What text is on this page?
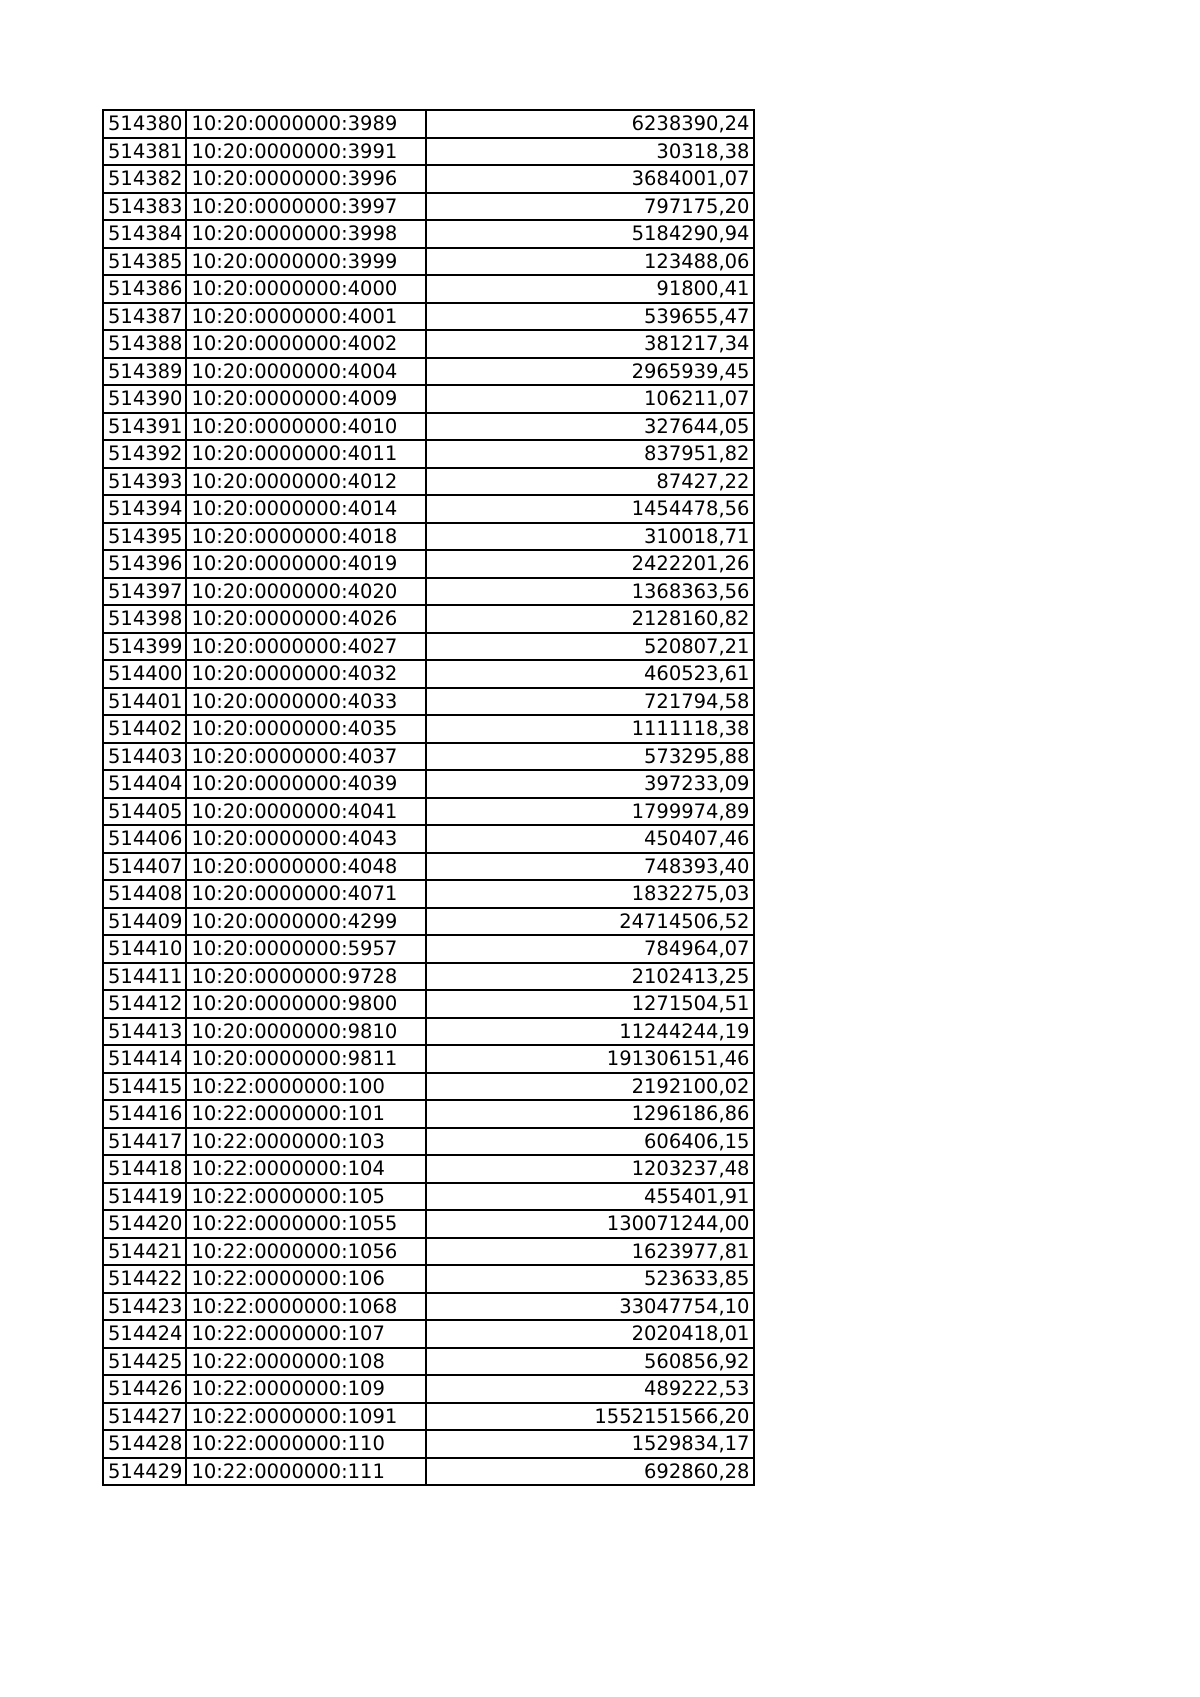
514380	10:20:0000000:3989	6238390,24
514381	10:20:0000000:3991	30318,38
514382	10:20:0000000:3996	3684001,07
514383	10:20:0000000:3997	797175,20
514384	10:20:0000000:3998	5184290,94
514385	10:20:0000000:3999	123488,06
514386	10:20:0000000:4000	91800,41
514387	10:20:0000000:4001	539655,47
514388	10:20:0000000:4002	381217,34
514389	10:20:0000000:4004	2965939,45
514390	10:20:0000000:4009	106211,07
514391	10:20:0000000:4010	327644,05
514392	10:20:0000000:4011	837951,82
514393	10:20:0000000:4012	87427,22
514394	10:20:0000000:4014	1454478,56
514395	10:20:0000000:4018	310018,71
514396	10:20:0000000:4019	2422201,26
514397	10:20:0000000:4020	1368363,56
514398	10:20:0000000:4026	2128160,82
514399	10:20:0000000:4027	520807,21
514400	10:20:0000000:4032	460523,61
514401	10:20:0000000:4033	721794,58
514402	10:20:0000000:4035	1111118,38
514403	10:20:0000000:4037	573295,88
514404	10:20:0000000:4039	397233,09
514405	10:20:0000000:4041	1799974,89
514406	10:20:0000000:4043	450407,46
514407	10:20:0000000:4048	748393,40
514408	10:20:0000000:4071	1832275,03
514409	10:20:0000000:4299	24714506,52
514410	10:20:0000000:5957	784964,07
514411	10:20:0000000:9728	2102413,25
514412	10:20:0000000:9800	1271504,51
514413	10:20:0000000:9810	11244244,19
514414	10:20:0000000:9811	191306151,46
514415	10:22:0000000:100	2192100,02
514416	10:22:0000000:101	1296186,86
514417	10:22:0000000:103	606406,15
514418	10:22:0000000:104	1203237,48
514419	10:22:0000000:105	455401,91
514420	10:22:0000000:1055	130071244,00
514421	10:22:0000000:1056	1623977,81
514422	10:22:0000000:106	523633,85
514423	10:22:0000000:1068	33047754,10
514424	10:22:0000000:107	2020418,01
514425	10:22:0000000:108	560856,92
514426	10:22:0000000:109	489222,53
514427	10:22:0000000:1091	1552151566,20
514428	10:22:0000000:110	1529834,17
514429	10:22:0000000:111	692860,28
